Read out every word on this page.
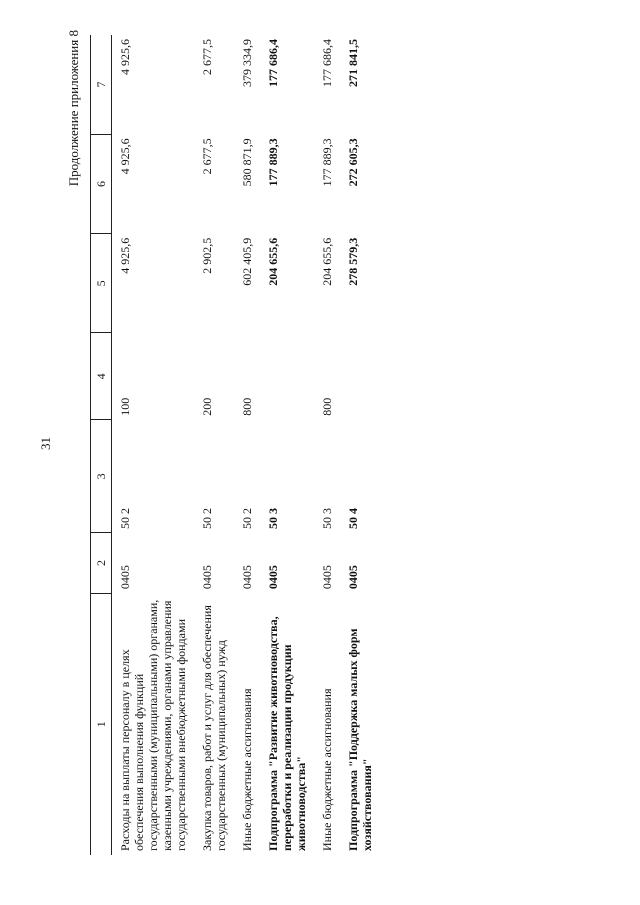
31
Продолжение приложения 8
1	2	3	4	5	6	7
Расходы на выплаты персоналу в целях обеспечения выполнения функций государственными (муниципальными) органами, казенными учреждениями, органами управления государственными внебюджетными фондами	0405	50 2	100	4 925,6	4 925,6	4 925,6
Закупка товаров, работ и услуг для обеспечения государственных (муниципальных) нужд	0405	50 2	200	2 902,5	2 677,5	2 677,5
Иные бюджетные ассигнования	0405	50 2	800	602 405,9	580 871,9	379 334,9
Подпрограмма "Развитие животноводства, переработки и реализации продукции животноводства"	0405	50 3		204 655,6	177 889,3	177 686,4
Иные бюджетные ассигнования	0405	50 3	800	204 655,6	177 889,3	177 686,4
Подпрограмма "Поддержка малых форм хозяйствования"	0405	50 4		278 579,3	272 605,3	271 841,5
